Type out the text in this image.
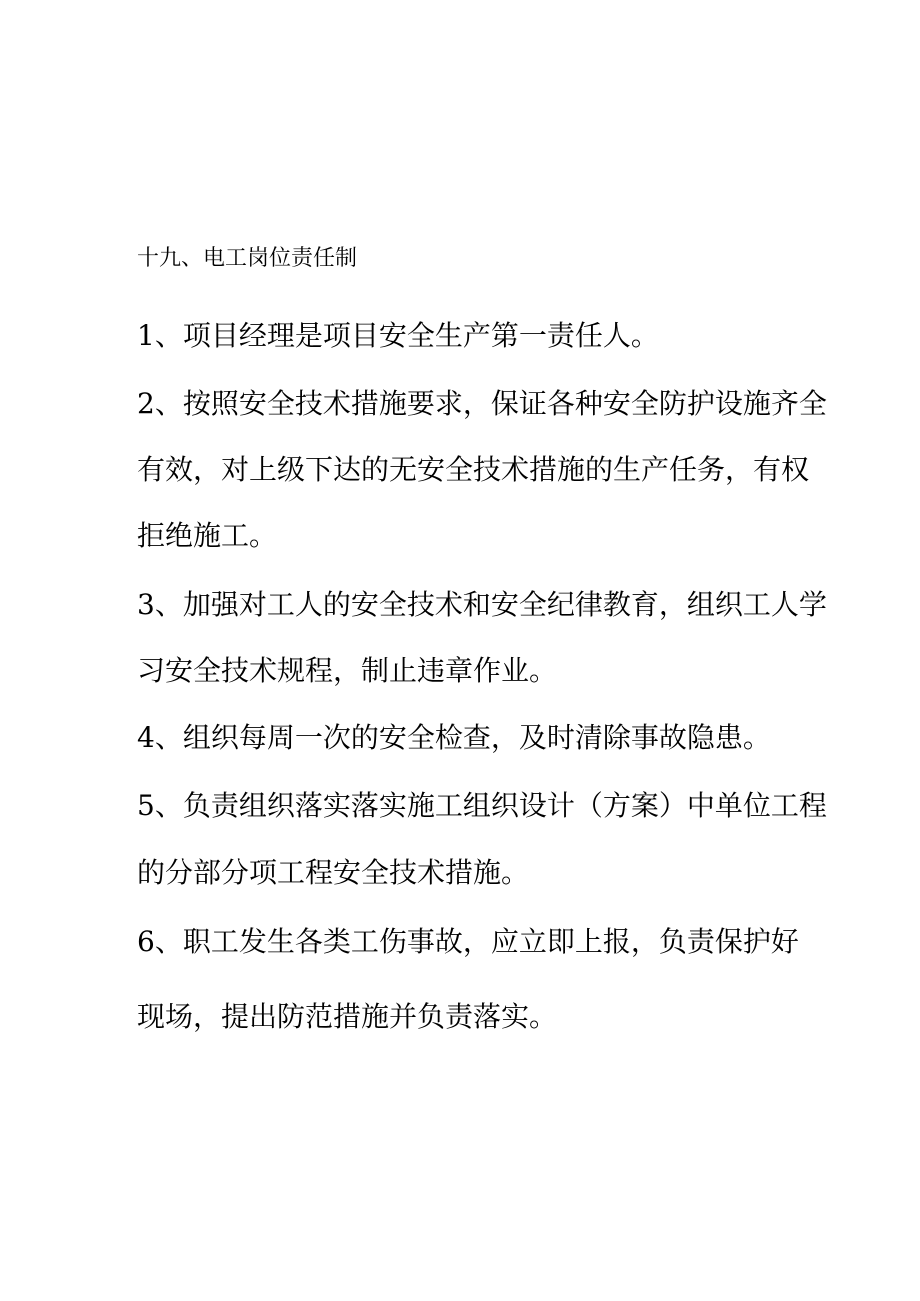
十九、电工岗位责任制
1、项目经理是项目安全生产第一责任人。
2、按照安全技术措施要求，保证各种安全防护设施齐全
有效，对上级下达的无安全技术措施的生产任务，有权
拒绝施工。
3、加强对工人的安全技术和安全纪律教育，组织工人学
习安全技术规程，制止违章作业。
4、组织每周一次的安全检查，及时清除事故隐患。
5、负责组织落实落实施工组织设计（方案）中单位工程
的分部分项工程安全技术措施。
6、职工发生各类工伤事故，应立即上报，负责保护好
现场，提出防范措施并负责落实。
